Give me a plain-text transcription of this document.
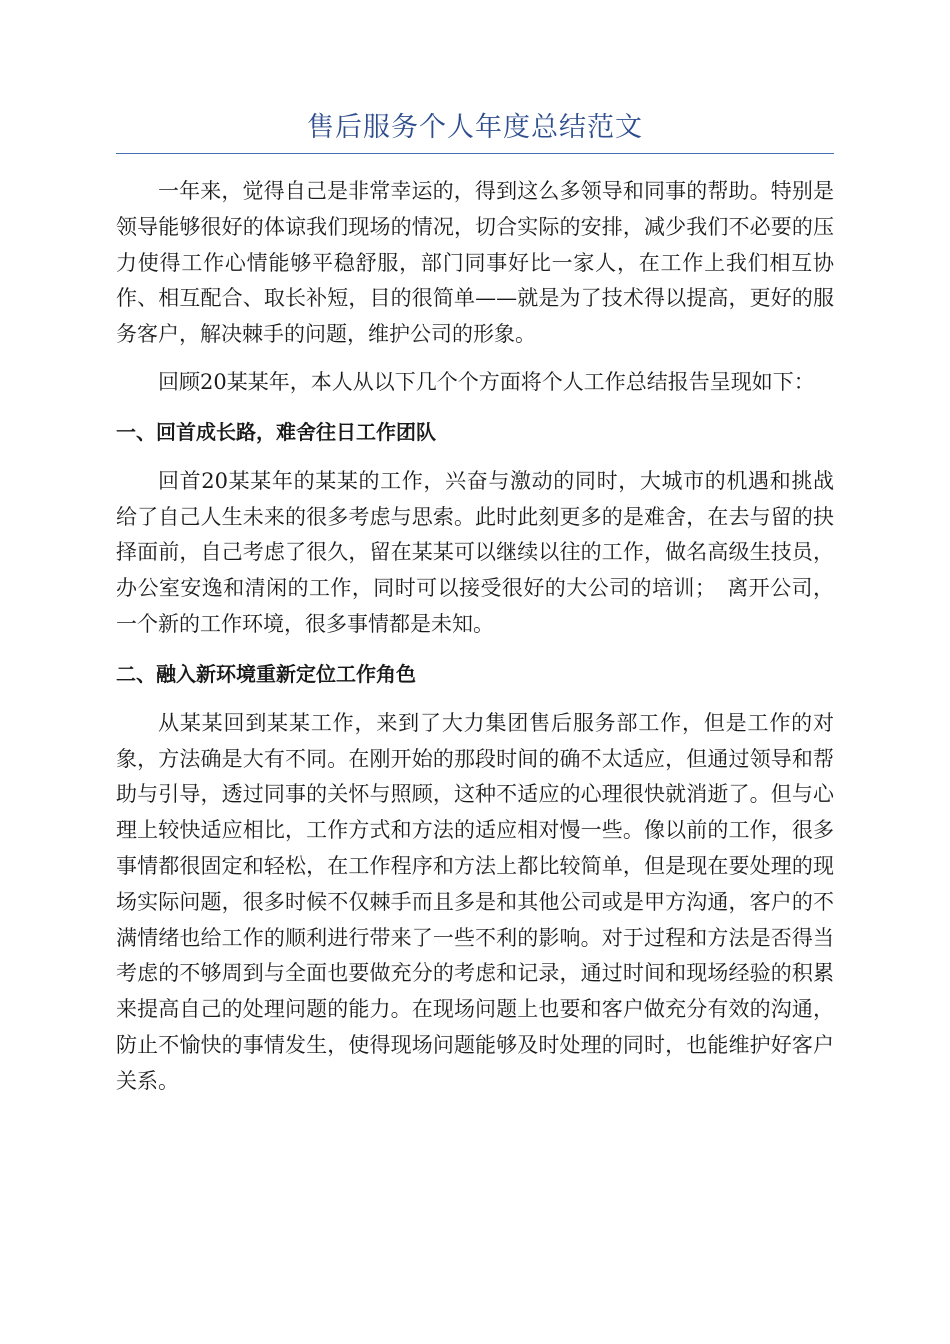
售后服务个人年度总结范文

一年来，觉得自己是非常幸运的，得到这么多领导和同事的帮助。特别是领导能够很好的体谅我们现场的情况，切合实际的安排，减少我们不必要的压力使得工作心情能够平稳舒服，部门同事好比一家人，在工作上我们相互协作、相互配合、取长补短，目的很简单——就是为了技术得以提高，更好的服务客户，解决棘手的问题，维护公司的形象。

回顾20某某年，本人从以下几个个方面将个人工作总结报告呈现如下：

一、回首成长路，难舍往日工作团队

回首20某某年的某某的工作，兴奋与激动的同时，大城市的机遇和挑战给了自己人生未来的很多考虑与思索。此时此刻更多的是难舍，在去与留的抉择面前，自己考虑了很久，留在某某可以继续以往的工作，做名高级生技员，办公室安逸和清闲的工作，同时可以接受很好的大公司的培训；　离开公司，一个新的工作环境，很多事情都是未知。

二、融入新环境重新定位工作角色

从某某回到某某工作，来到了大力集团售后服务部工作，但是工作的对象，方法确是大有不同。在刚开始的那段时间的确不太适应，但通过领导和帮助与引导，透过同事的关怀与照顾，这种不适应的心理很快就消逝了。但与心理上较快适应相比，工作方式和方法的适应相对慢一些。像以前的工作，很多事情都很固定和轻松，在工作程序和方法上都比较简单，但是现在要处理的现场实际问题，很多时候不仅棘手而且多是和其他公司或是甲方沟通，客户的不满情绪也给工作的顺利进行带来了一些不利的影响。对于过程和方法是否得当考虑的不够周到与全面也要做充分的考虑和记录，通过时间和现场经验的积累来提高自己的处理问题的能力。在现场问题上也要和客户做充分有效的沟通，防止不愉快的事情发生，使得现场问题能够及时处理的同时，也能维护好客户关系。
